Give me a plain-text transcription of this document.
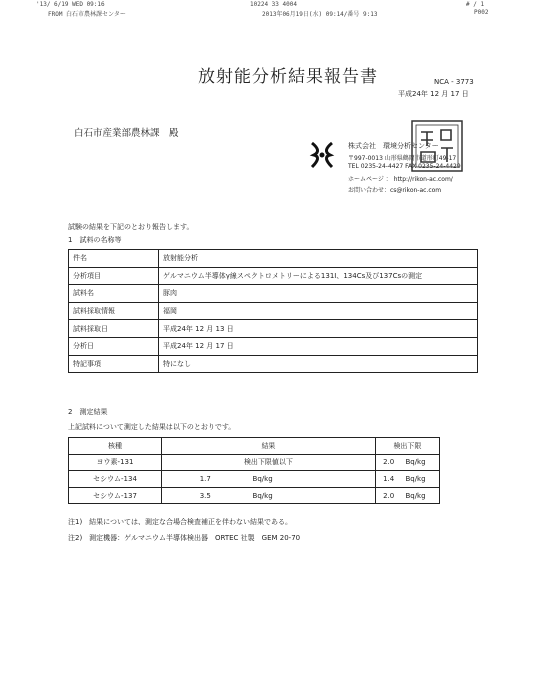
'13/ 6/19 WED 09:16
FROM 白石市農林課センター
10224 33 4004
2013年06月19日(水) 09:14/番号 9:13
# / 1
P002
放射能分析結果報告書	NCA - 3773
平成24年 12 月 17 日
白石市産業部農林課　殿
株式会社　環境分析センター
〒997-0013 山形県鶴岡市道形町49-17
TEL 0235-24-4427 FAX 0235-24-4429
ホームページ ： http://rikon-ac.com/
お問い合わせ：cs@rikon-ac.com
試験の結果を下記のとおり報告します。
1　試料の名称等
件名	放射能分析
分析項目	ゲルマニウム半導体γ線スペクトロメトリーによる131I、134Cs及び137Csの測定
試料名	豚肉
試料採取情報	福岡
試料採取日	平成24年 12 月 13 日
分析日	平成24年 12 月 17 日
特記事項	特になし
2　測定結果
上記試料について測定した結果は以下のとおりです。
核種	結果		検出下限	
ヨウ素-131	検出下限値以下		2.0	Bq/kg
セシウム-134	1.7	Bq/kg	1.4	Bq/kg
セシウム-137	3.5	Bq/kg	2.0	Bq/kg
注1)　結果については、測定な合場合検査補正を伴わない結果である。
注2)　測定機器：ゲルマニウム半導体検出器　ORTEC 社製　GEM 20-70
